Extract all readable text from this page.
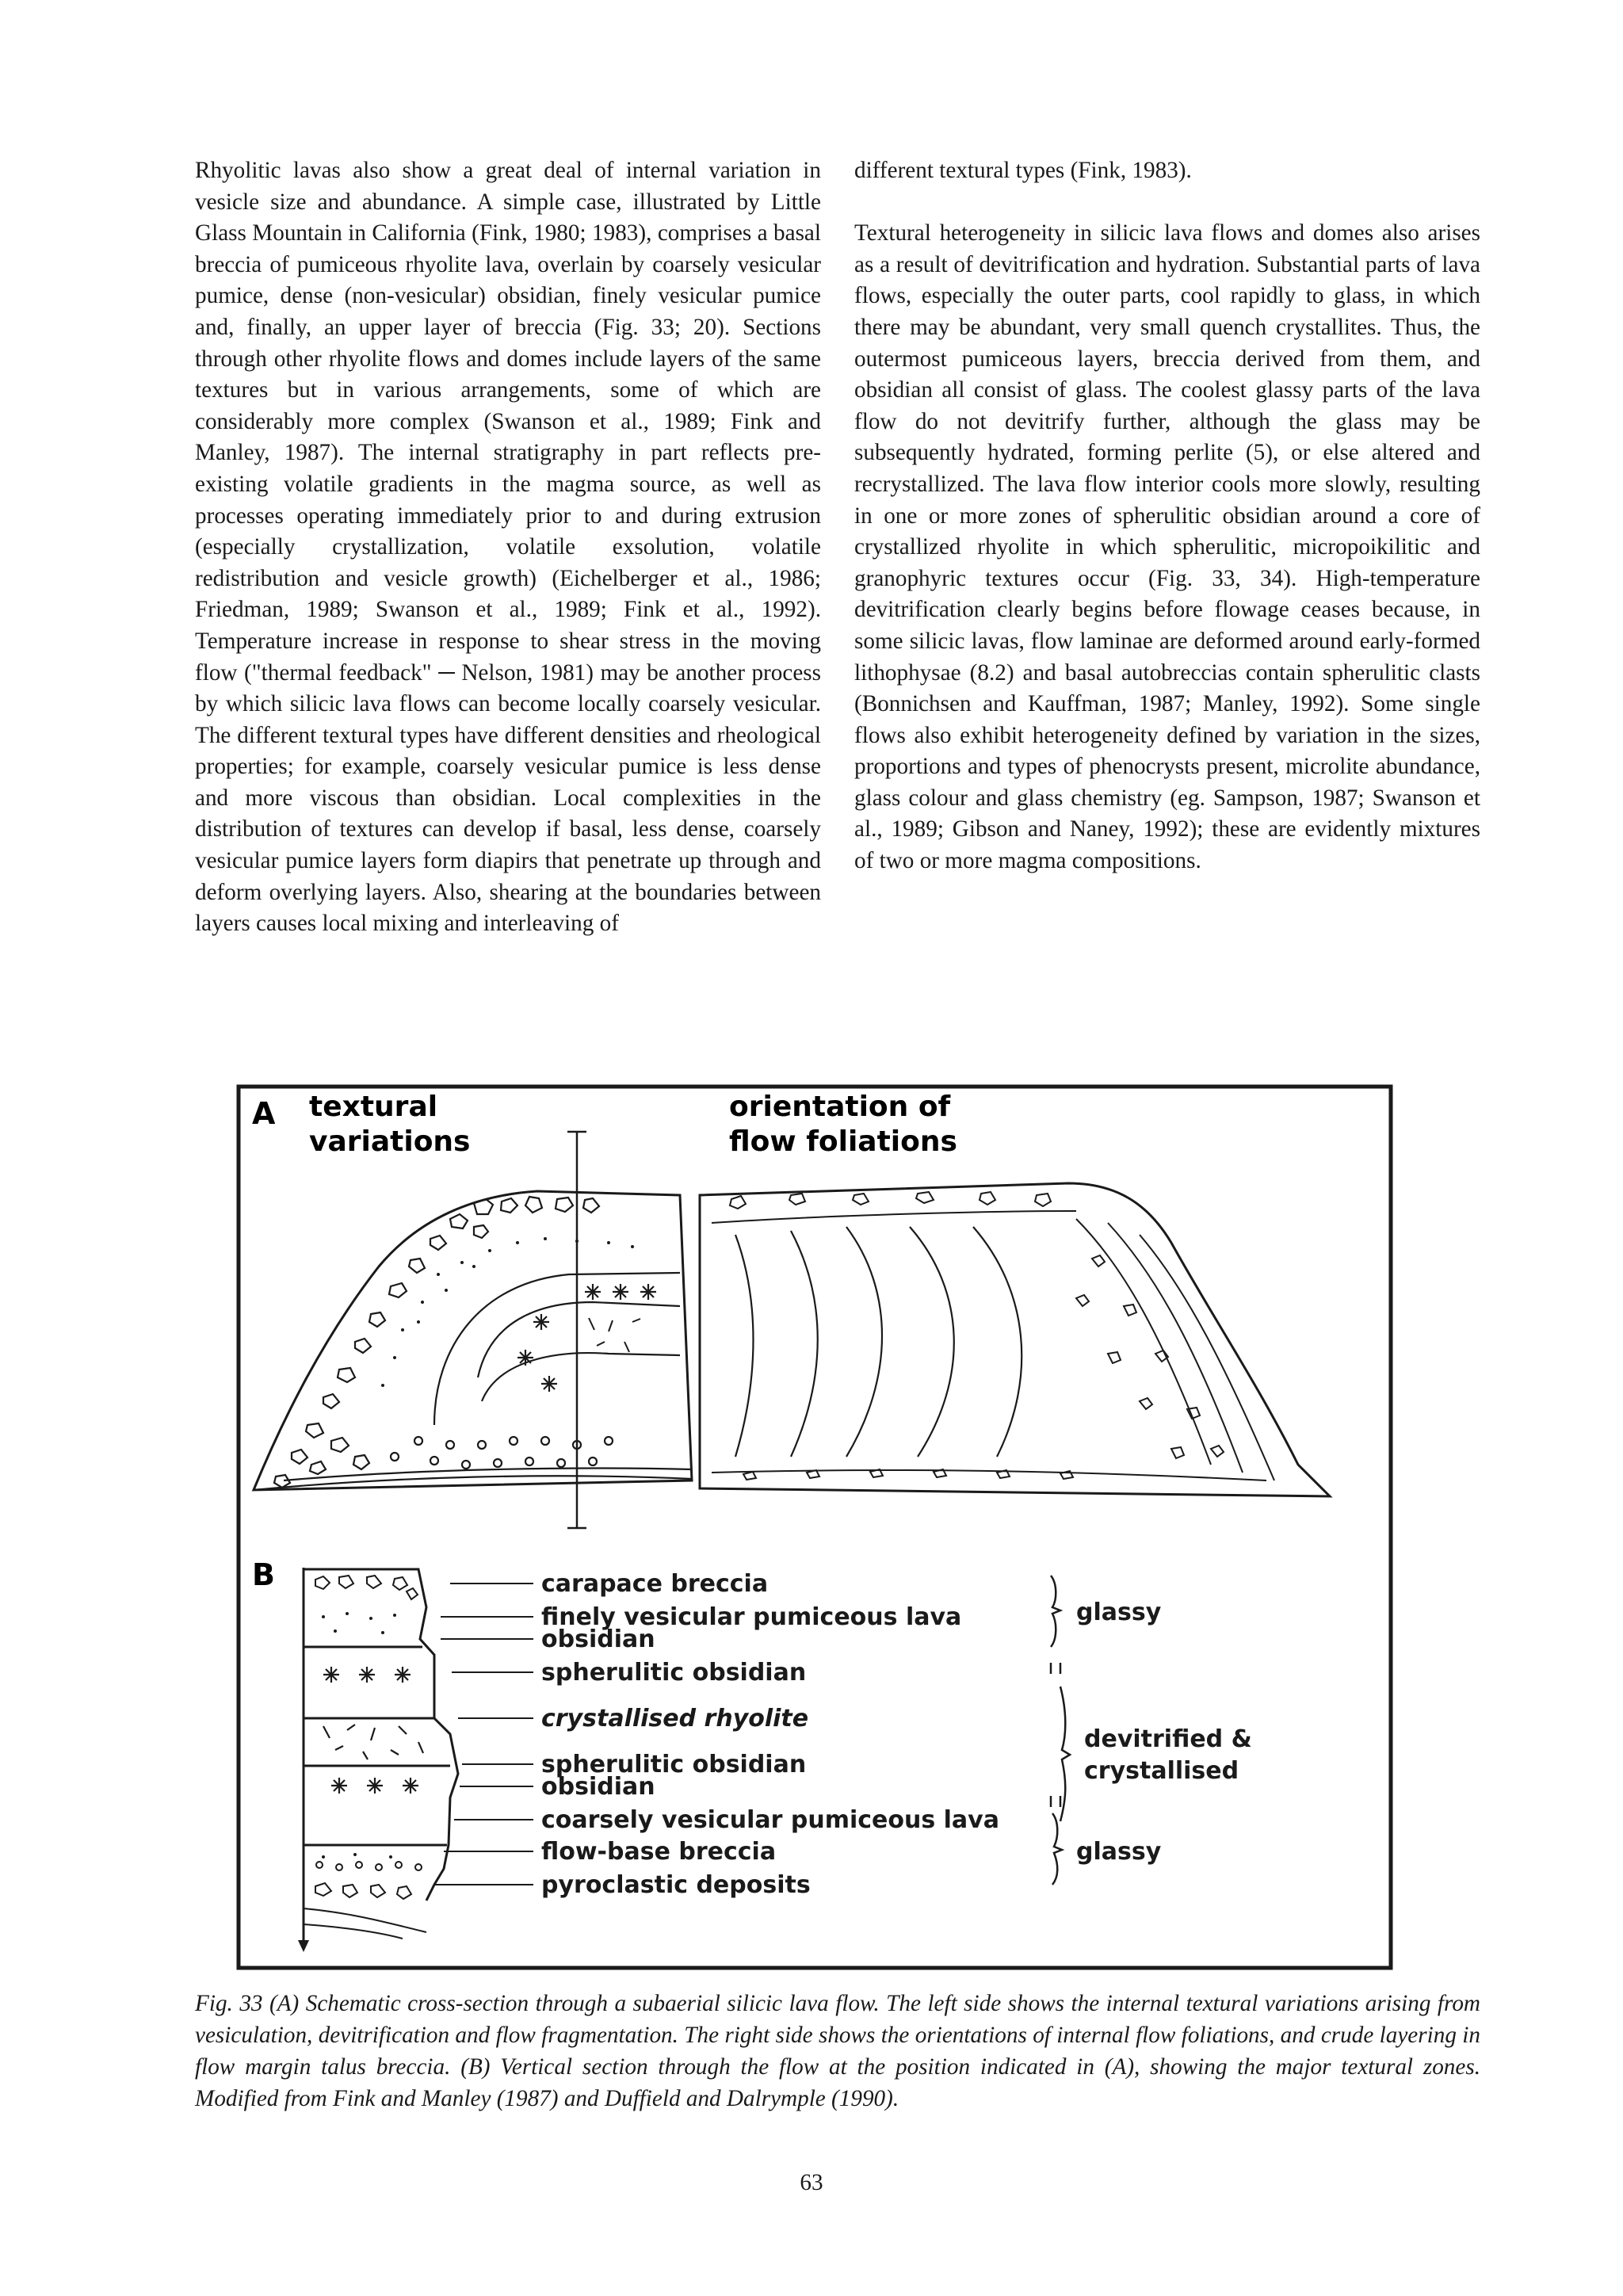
Rhyolitic lavas also show a great deal of internal variation in vesicle size and abundance. A simple case, illustrated by Little Glass Mountain in California (Fink, 1980; 1983), comprises a basal breccia of pumiceous rhyolite lava, overlain by coarsely vesicular pumice, dense (non-vesicular) obsidian, finely vesicular pumice and, finally, an upper layer of breccia (Fig. 33; 20). Sections through other rhyolite flows and domes include layers of the same textures but in various arrangements, some of which are considerably more complex (Swanson et al., 1989; Fink and Manley, 1987). The internal stratigraphy in part reflects pre-existing volatile gradients in the magma source, as well as processes operating immediately prior to and during extrusion (especially crystallization, volatile exsolution, volatile redistribution and vesicle growth) (Eichelberger et al., 1986; Friedman, 1989; Swanson et al., 1989; Fink et al., 1992). Temperature increase in response to shear stress in the moving flow ("thermal feedback" ─ Nelson, 1981) may be another process by which silicic lava flows can become locally coarsely vesicular. The different textural types have different densities and rheological properties; for example, coarsely vesicular pumice is less dense and more viscous than obsidian. Local complexities in the distribution of textures can develop if basal, less dense, coarsely vesicular pumice layers form diapirs that penetrate up through and deform overlying layers. Also, shearing at the boundaries between layers causes local mixing and interleaving of

different textural types (Fink, 1983).

Textural heterogeneity in silicic lava flows and domes also arises as a result of devitrification and hydration. Substantial parts of lava flows, especially the outer parts, cool rapidly to glass, in which there may be abundant, very small quench crystallites. Thus, the outermost pumiceous layers, breccia derived from them, and obsidian all consist of glass. The coolest glassy parts of the lava flow do not devitrify further, although the glass may be subsequently hydrated, forming perlite (5), or else altered and recrystallized. The lava flow interior cools more slowly, resulting in one or more zones of spherulitic obsidian around a core of crystallized rhyolite in which spherulitic, micropoikilitic and granophyric textures occur (Fig. 33, 34). High-temperature devitrification clearly begins before flowage ceases because, in some silicic lavas, flow laminae are deformed around early-formed lithophysae (8.2) and basal autobreccias contain spherulitic clasts (Bonnichsen and Kauffman, 1987; Manley, 1992). Some single flows also exhibit heterogeneity defined by variation in the sizes, proportions and types of phenocrysts present, microlite abundance, glass colour and glass chemistry (eg. Sampson, 1987; Swanson et al., 1989; Gibson and Naney, 1992); these are evidently mixtures of two or more magma compositions.

A textural
variations
orientation of
flow foliations
B	carapace breccia
finely vesicular pumiceous lava
obsidian
spherulitic obsidian
crystallised rhyolite
spherulitic obsidian
obsidian
coarsely vesicular pumiceous lava
flow-base breccia
pyroclastic deposits
glassy
devitrified &
crystallised
glassy
Fig. 33 (A) Schematic cross-section through a subaerial silicic lava flow. The left side shows the internal textural variations arising from vesiculation, devitrification and flow fragmentation. The right side shows the orientations of internal flow foliations, and crude layering in flow margin talus breccia. (B) Vertical section through the flow at the position indicated in (A), showing the major textural zones. Modified from Fink and Manley (1987) and Duffield and Dalrymple (1990).
63
